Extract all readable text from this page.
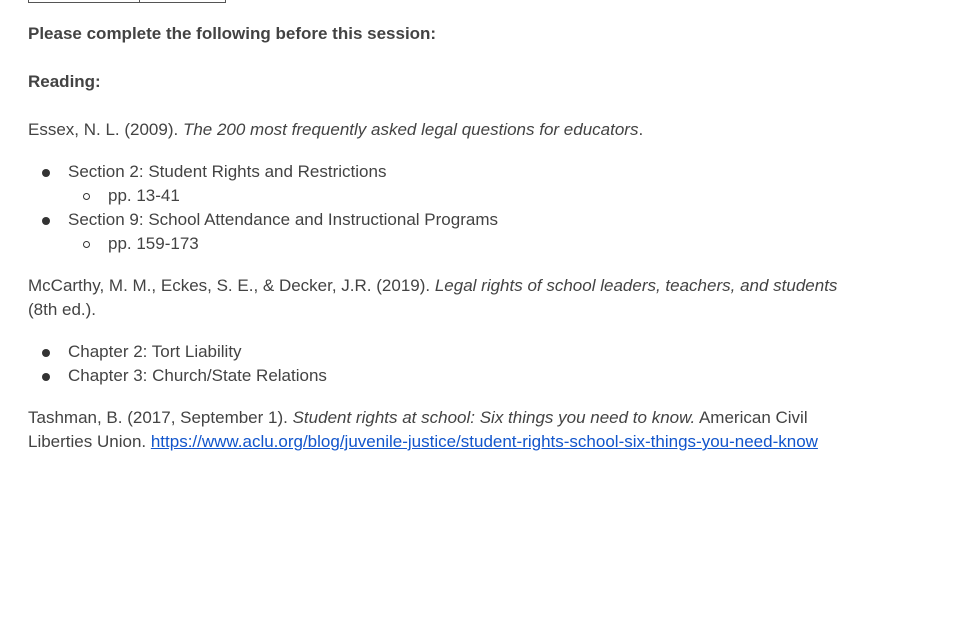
Please complete the following before this session:

Reading:

Essex, N. L. (2009). The 200 most frequently asked legal questions for educators.

Section 2: Student Rights and Restrictions
pp. 13-41
Section 9: School Attendance and Instructional Programs
pp. 159-173

McCarthy, M. M., Eckes, S. E., & Decker, J.R. (2019). Legal rights of school leaders, teachers, and students (8th ed.).

Chapter 2: Tort Liability
Chapter 3: Church/State Relations

Tashman, B. (2017, September 1). Student rights at school: Six things you need to know. American Civil Liberties Union. https://www.aclu.org/blog/juvenile-justice/student-rights-school-six-things-you-need-know
